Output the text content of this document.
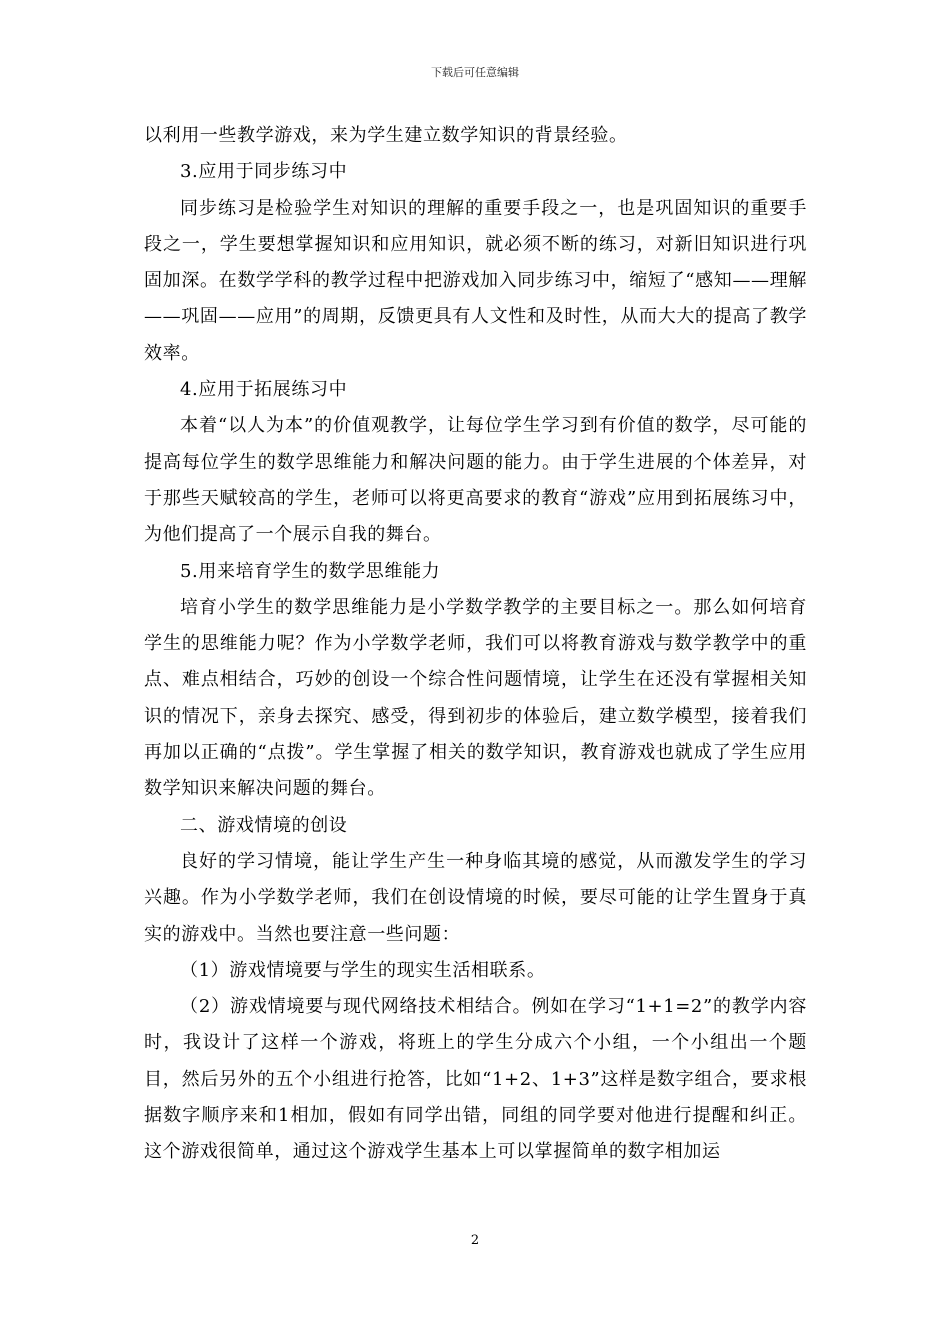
下载后可任意编辑

以利用一些教学游戏，来为学生建立数学知识的背景经验。

3.应用于同步练习中

同步练习是检验学生对知识的理解的重要手段之一，也是巩固知识的重要手段之一，学生要想掌握知识和应用知识，就必须不断的练习，对新旧知识进行巩固加深。在数学学科的教学过程中把游戏加入同步练习中，缩短了“感知——理解——巩固——应用”的周期，反馈更具有人文性和及时性，从而大大的提高了教学效率。

4.应用于拓展练习中

本着“以人为本”的价值观教学，让每位学生学习到有价值的数学，尽可能的提高每位学生的数学思维能力和解决问题的能力。由于学生进展的个体差异，对于那些天赋较高的学生，老师可以将更高要求的教育“游戏”应用到拓展练习中，为他们提高了一个展示自我的舞台。

5.用来培育学生的数学思维能力

培育小学生的数学思维能力是小学数学教学的主要目标之一。那么如何培育学生的思维能力呢？作为小学数学老师，我们可以将教育游戏与数学教学中的重点、难点相结合，巧妙的创设一个综合性问题情境，让学生在还没有掌握相关知识的情况下，亲身去探究、感受，得到初步的体验后，建立数学模型，接着我们再加以正确的“点拨”。学生掌握了相关的数学知识，教育游戏也就成了学生应用数学知识来解决问题的舞台。

二、游戏情境的创设

良好的学习情境，能让学生产生一种身临其境的感觉，从而激发学生的学习兴趣。作为小学数学老师，我们在创设情境的时候，要尽可能的让学生置身于真实的游戏中。当然也要注意一些问题：

（1）游戏情境要与学生的现实生活相联系。

（2）游戏情境要与现代网络技术相结合。例如在学习“1+1=2”的教学内容时，我设计了这样一个游戏，将班上的学生分成六个小组，一个小组出一个题目，然后另外的五个小组进行抢答，比如“1+2、1+3”这样是数字组合，要求根据数字顺序来和1相加，假如有同学出错，同组的同学要对他进行提醒和纠正。这个游戏很简单，通过这个游戏学生基本上可以掌握简单的数字相加运

2
